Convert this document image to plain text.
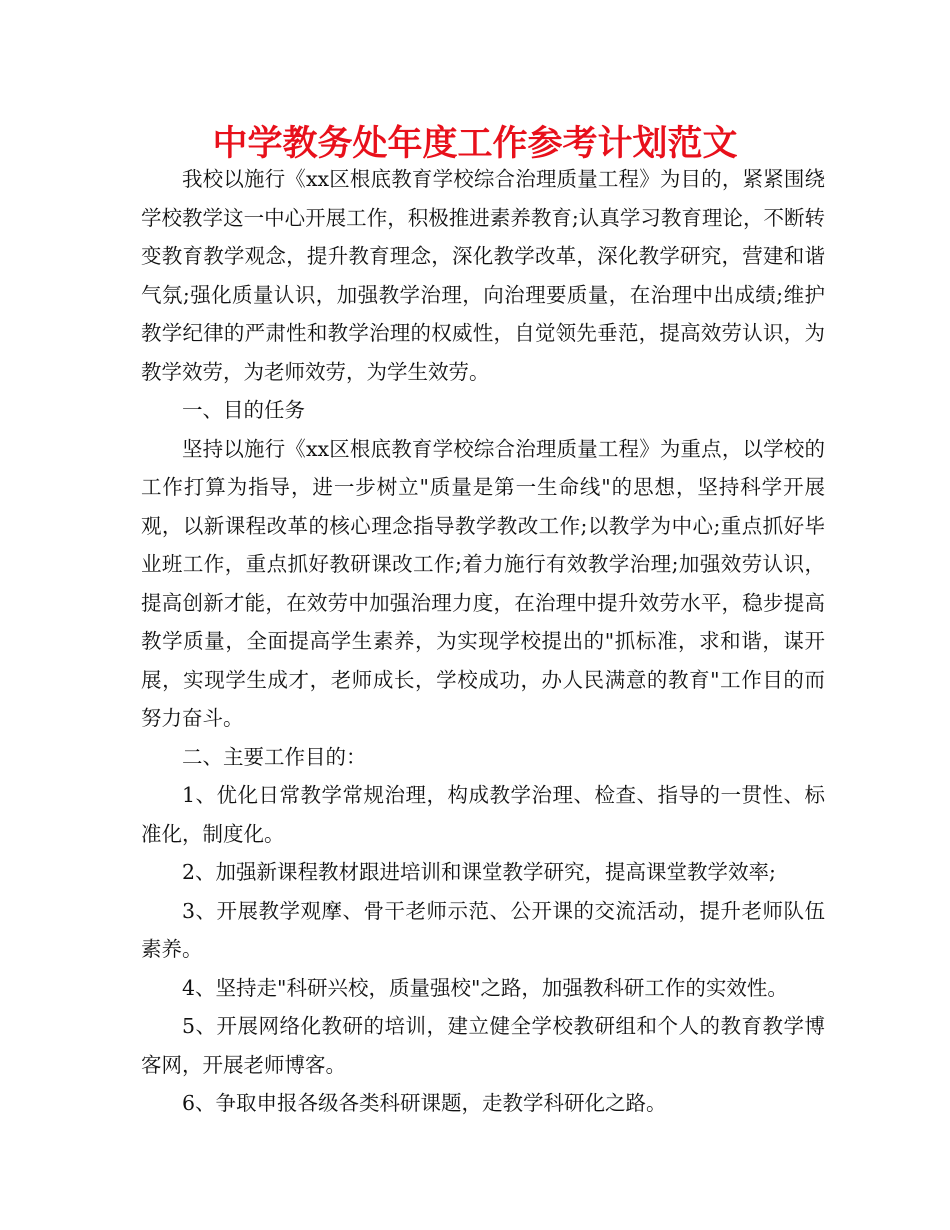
中学教务处年度工作参考计划范文

我校以施行《xx区根底教育学校综合治理质量工程》为目的，紧紧围绕学校教学这一中心开展工作，积极推进素养教育;认真学习教育理论，不断转变教育教学观念，提升教育理念，深化教学改革，深化教学研究，营建和谐气氛;强化质量认识，加强教学治理，向治理要质量，在治理中出成绩;维护教学纪律的严肃性和教学治理的权威性，自觉领先垂范，提高效劳认识，为教学效劳，为老师效劳，为学生效劳。

一、目的任务

坚持以施行《xx区根底教育学校综合治理质量工程》为重点，以学校的工作打算为指导，进一步树立"质量是第一生命线"的思想，坚持科学开展观，以新课程改革的核心理念指导教学教改工作;以教学为中心;重点抓好毕业班工作，重点抓好教研课改工作;着力施行有效教学治理;加强效劳认识，提高创新才能，在效劳中加强治理力度，在治理中提升效劳水平，稳步提高教学质量，全面提高学生素养，为实现学校提出的"抓标准，求和谐，谋开展，实现学生成才，老师成长，学校成功，办人民满意的教育"工作目的而努力奋斗。

二、主要工作目的：

1、优化日常教学常规治理，构成教学治理、检查、指导的一贯性、标准化，制度化。

2、加强新课程教材跟进培训和课堂教学研究，提高课堂教学效率;

3、开展教学观摩、骨干老师示范、公开课的交流活动，提升老师队伍素养。

4、坚持走"科研兴校，质量强校"之路，加强教科研工作的实效性。

5、开展网络化教研的培训，建立健全学校教研组和个人的教育教学博客网，开展老师博客。

6、争取申报各级各类科研课题，走教学科研化之路。
